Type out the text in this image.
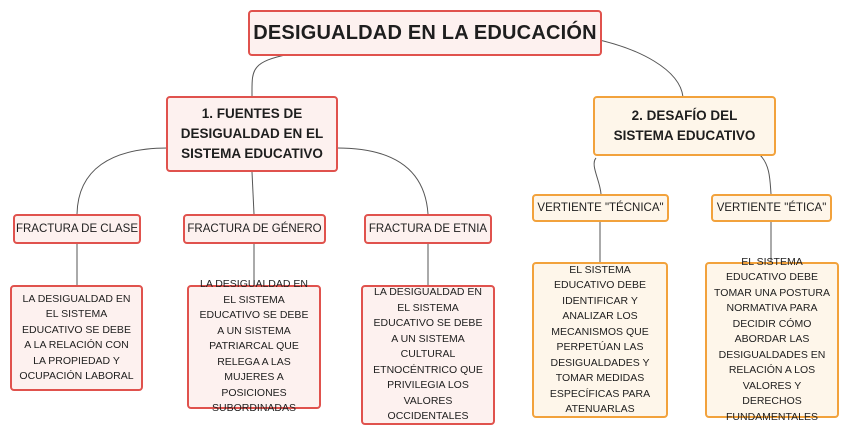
DESIGUALDAD EN LA EDUCACIÓN
1. FUENTES DE DESIGUALDAD EN EL SISTEMA EDUCATIVO
2. DESAFÍO DEL SISTEMA EDUCATIVO
FRACTURA DE CLASE	FRACTURA DE GÉNERO	FRACTURA DE ETNIA
VERTIENTE "TÉCNICA"	VERTIENTE "ÉTICA"
LA DESIGUALDAD EN EL SISTEMA EDUCATIVO SE DEBE A LA RELACIÓN CON LA PROPIEDAD Y OCUPACIÓN LABORAL
LA DESIGUALDAD EN EL SISTEMA EDUCATIVO SE DEBE A UN SISTEMA PATRIARCAL QUE RELEGA A LAS MUJERES A POSICIONES SUBORDINADAS
LA DESIGUALDAD EN EL SISTEMA EDUCATIVO SE DEBE A UN SISTEMA CULTURAL ETNOCÉNTRICO QUE PRIVILEGIA LOS VALORES OCCIDENTALES
EL SISTEMA EDUCATIVO DEBE IDENTIFICAR Y ANALIZAR LOS MECANISMOS QUE PERPETÚAN LAS DESIGUALDADES Y TOMAR MEDIDAS ESPECÍFICAS PARA ATENUARLAS
EL SISTEMA EDUCATIVO DEBE TOMAR UNA POSTURA NORMATIVA PARA DECIDIR CÓMO ABORDAR LAS DESIGUALDADES EN RELACIÓN A LOS VALORES Y DERECHOS FUNDAMENTALES
